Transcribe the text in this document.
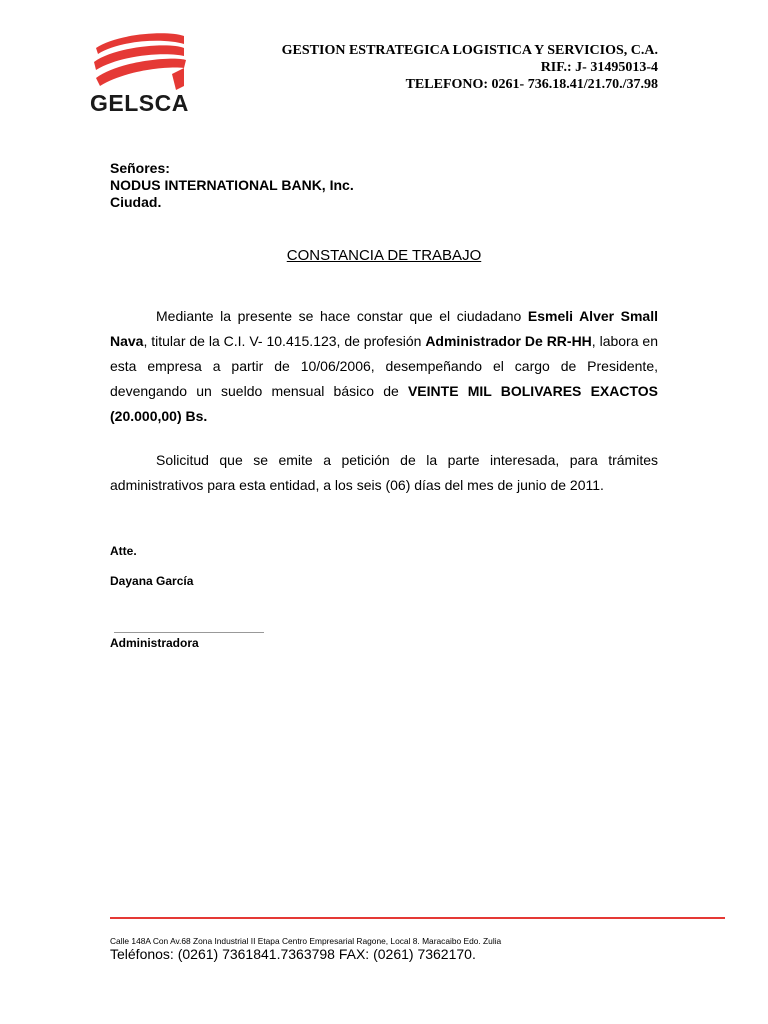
GELSCA
GESTION ESTRATEGICA LOGISTICA Y SERVICIOS, C.A.
RIF.: J- 31495013-4
TELEFONO: 0261- 736.18.41/21.70./37.98
Señores:
NODUS INTERNATIONAL BANK, Inc.
Ciudad.
CONSTANCIA DE TRABAJO
Mediante la presente se hace constar que el ciudadano Esmeli Alver Small Nava, titular de la C.I. V- 10.415.123, de profesión Administrador De RR-HH, labora en esta empresa a partir de 10/06/2006, desempeñando el cargo de Presidente, devengando un sueldo mensual básico de VEINTE MIL BOLIVARES EXACTOS (20.000,00) Bs.
Solicitud que se emite a petición de la parte interesada, para trámites administrativos para esta entidad, a los seis (06) días del mes de junio de 2011.
Atte.
Dayana García
Administradora
Calle 148A Con Av.68 Zona Industrial II Etapa Centro Empresarial Ragone, Local 8. Maracaibo Edo. Zulia
Teléfonos: (0261) 7361841.7363798 FAX: (0261) 7362170.
